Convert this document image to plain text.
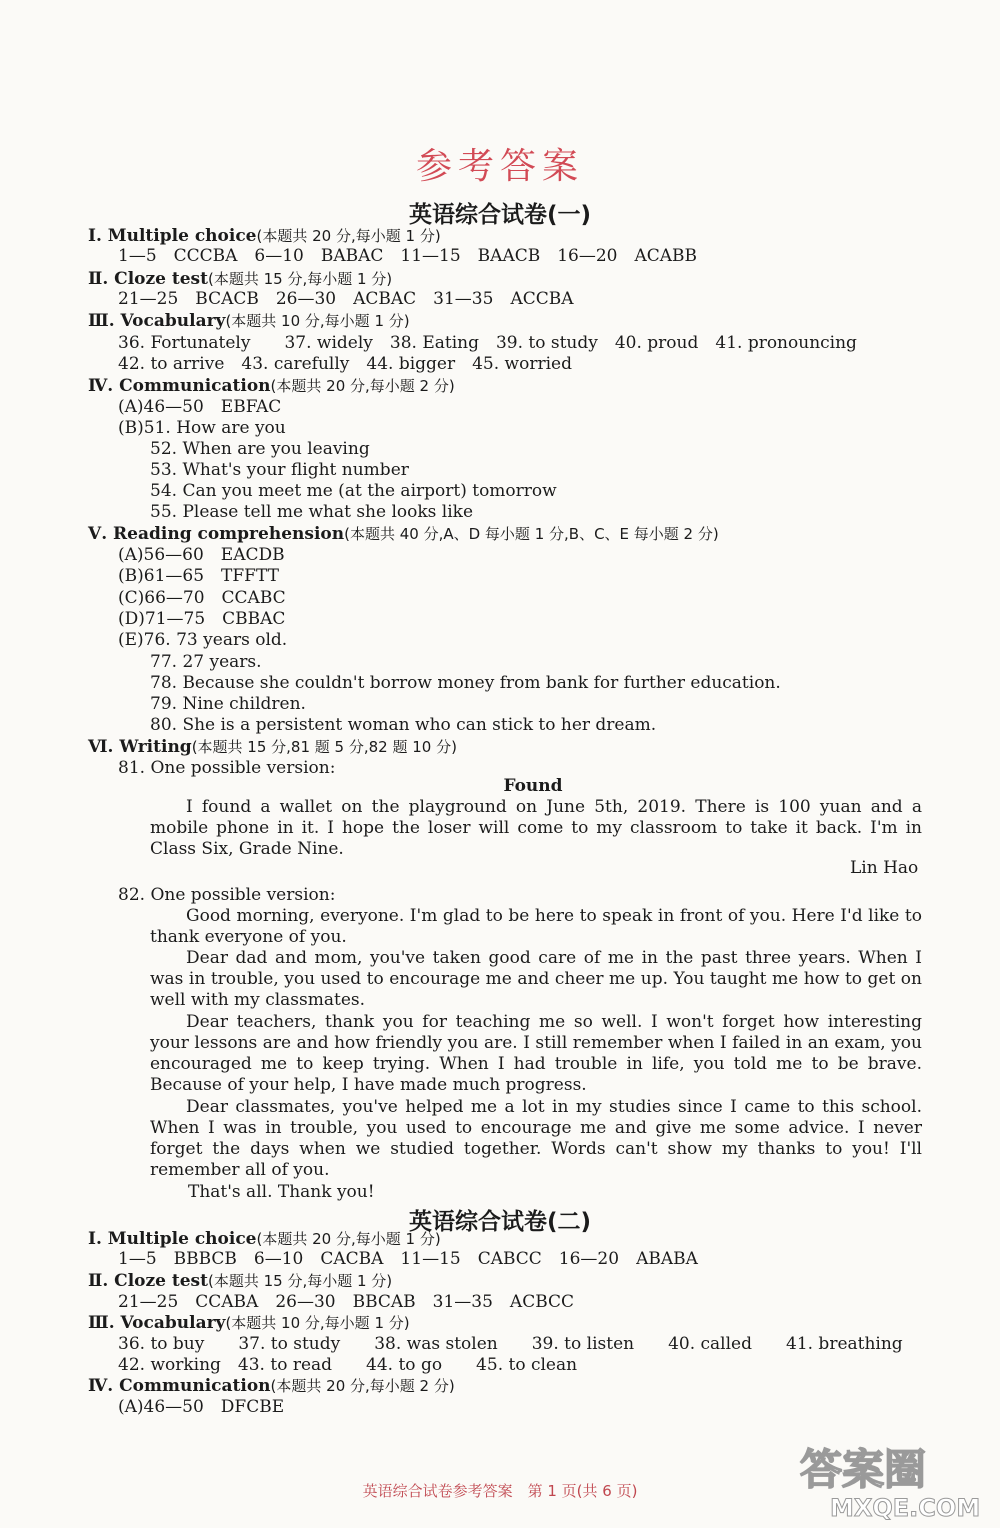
参考答案
英语综合试卷(一)
Ⅰ. Multiple choice(本题共 20 分,每小题 1 分)
1—5　CCCBA　6—10　BABAC　11—15　BAACB　16—20　ACABB
Ⅱ. Cloze test(本题共 15 分,每小题 1 分)
21—25　BCACB　26—30　ACBAC　31—35　ACCBA
Ⅲ. Vocabulary(本题共 10 分,每小题 1 分)
36. Fortunately　　37. widely　38. Eating　39. to study　40. proud　41. pronouncing
42. to arrive　43. carefully　44. bigger　45. worried
Ⅳ. Communication(本题共 20 分,每小题 2 分)
(A)46—50　EBFAC
(B)51. How are you
52. When are you leaving
53. What's your flight number
54. Can you meet me (at the airport) tomorrow
55. Please tell me what she looks like
Ⅴ. Reading comprehension(本题共 40 分,A、D 每小题 1 分,B、C、E 每小题 2 分)
(A)56—60　EACDB
(B)61—65　TFFTT
(C)66—70　CCABC
(D)71—75　CBBAC
(E)76. 73 years old.
77. 27 years.
78. Because she couldn't borrow money from bank for further education.
79. Nine children.
80. She is a persistent woman who can stick to her dream.
Ⅵ. Writing(本题共 15 分,81 题 5 分,82 题 10 分)
81. One possible version:
Found
I found a wallet on the playground on June 5th, 2019. There is 100 yuan and a mobile phone in it. I hope the loser will come to my classroom to take it back. I'm in Class Six, Grade Nine.
Lin Hao
82. One possible version:
Good morning, everyone. I'm glad to be here to speak in front of you. Here I'd like to thank everyone of you.
Dear dad and mom, you've taken good care of me in the past three years. When I was in trouble, you used to encourage me and cheer me up. You taught me how to get on well with my classmates.
Dear teachers, thank you for teaching me so well. I won't forget how interesting your lessons are and how friendly you are. I still remember when I failed in an exam, you encouraged me to keep trying. When I had trouble in life, you told me to be brave. Because of your help, I have made much progress.
Dear classmates, you've helped me a lot in my studies since I came to this school. When I was in trouble, you used to encourage me and give me some advice. I never forget the days when we studied together. Words can't show my thanks to you! I'll remember all of you.
That's all. Thank you!
英语综合试卷(二)
Ⅰ. Multiple choice(本题共 20 分,每小题 1 分)
1—5　BBBCB　6—10　CACBA　11—15　CABCC　16—20　ABABA
Ⅱ. Cloze test(本题共 15 分,每小题 1 分)
21—25　CCABA　26—30　BBCAB　31—35　ACBCC
Ⅲ. Vocabulary(本题共 10 分,每小题 1 分)
36. to buy　　37. to study　　38. was stolen　　39. to listen　　40. called　　41. breathing
42. working　43. to read　　44. to go　　45. to clean
Ⅳ. Communication(本题共 20 分,每小题 2 分)
(A)46—50　DFCBE
英语综合试卷参考答案　第 1 页(共 6 页)	答案圈
MXQE.COM
